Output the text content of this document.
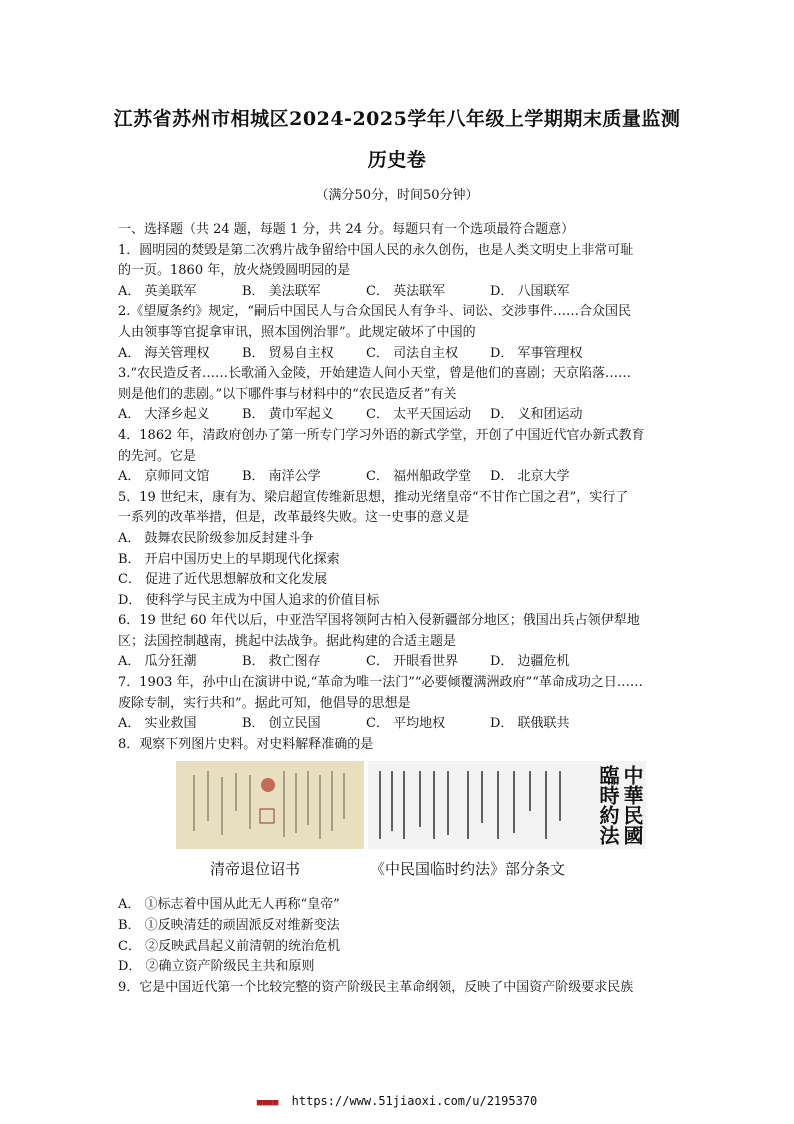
江苏省苏州市相城区2024-2025学年八年级上学期期末质量监测
历史卷
（满分50分，时间50分钟）
一、选择题（共 24 题，每题 1 分，共 24 分。每题只有一个选项最符合题意）
1．圆明园的焚毁是第二次鸦片战争留给中国人民的永久创伤，也是人类文明史上非常可耻
的一页。1860 年，放火烧毁圆明园的是
A． 英美联军	B． 美法联军	C． 英法联军	D． 八国联军
2.《望厦条约》规定，“嗣后中国民人与合众国民人有争斗、词讼、交涉事件……合众国民
人由领事等官捉拿审讯，照本国例治罪”。此规定破坏了中国的
A． 海关管理权	B． 贸易自主权	C． 司法自主权	D． 军事管理权
3.“农民造反者……长歌涌入金陵，开始建造人间小天堂，曾是他们的喜剧；天京陷落……
则是他们的悲剧。”以下哪件事与材料中的“农民造反者”有关
A． 大泽乡起义	B． 黄巾军起义	C． 太平天国运动	D． 义和团运动
4．1862 年，清政府创办了第一所专门学习外语的新式学堂，开创了中国近代官办新式教育
的先河。它是
A． 京师同文馆	B． 南洋公学	C． 福州船政学堂	D． 北京大学
5．19 世纪末，康有为、梁启超宣传维新思想，推动光绪皇帝“不甘作亡国之君”，实行了
一系列的改革举措，但是，改革最终失败。这一史事的意义是
A． 鼓舞农民阶级参加反封建斗争
B． 开启中国历史上的早期现代化探索
C． 促进了近代思想解放和文化发展
D． 使科学与民主成为中国人追求的价值目标
6．19 世纪 60 年代以后，中亚浩罕国将领阿古柏入侵新疆部分地区；俄国出兵占领伊犁地
区；法国控制越南，挑起中法战争。据此构建的合适主题是
A． 瓜分狂潮	B． 救亡图存	C． 开眼看世界	D． 边疆危机
7．1903 年，孙中山在演讲中说,“革命为唯一法门”“必要倾覆满洲政府”“革命成功之日……
废除专制，实行共和”。据此可知，他倡导的思想是
A． 实业救国	B． 创立民国	C． 平均地权	D． 联俄联共
8．观察下列图片史料。对史料解释准确的是
中華民國臨時約法
清帝退位诏书	《中民国临时约法》部分条文
A． ①标志着中国从此无人再称“皇帝”
B． ①反映清廷的顽固派反对维新变法
C． ②反映武昌起义前清朝的统治危机
D． ②确立资产阶级民主共和原则
9．它是中国近代第一个比较完整的资产阶级民主革命纲领，反映了中国资产阶级要求民族
■■■■ https://www.51jiaoxi.com/u/2195370
